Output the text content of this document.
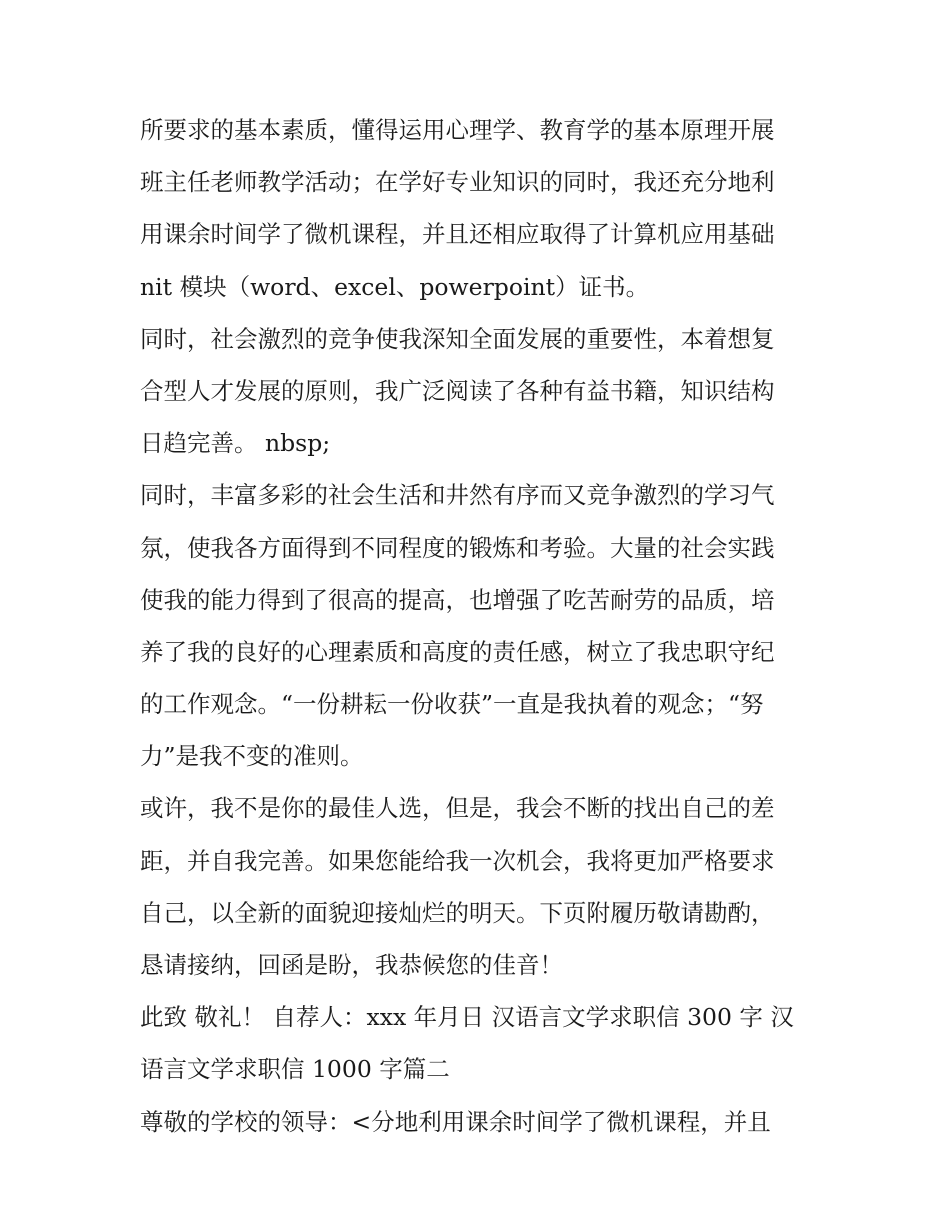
所要求的基本素质，懂得运用心理学、教育学的基本原理开展
班主任老师教学活动；在学好专业知识的同时，我还充分地利
用课余时间学了微机课程，并且还相应取得了计算机应用基础
nit 模块（word、excel、powerpoint）证书。
同时，社会激烈的竞争使我深知全面发展的重要性，本着想复
合型人才发展的原则，我广泛阅读了各种有益书籍，知识结构
日趋完善。 nbsp;
同时，丰富多彩的社会生活和井然有序而又竞争激烈的学习气
氛，使我各方面得到不同程度的锻炼和考验。大量的社会实践
使我的能力得到了很高的提高，也增强了吃苦耐劳的品质，培
养了我的良好的心理素质和高度的责任感，树立了我忠职守纪
的工作观念。“一份耕耘一份收获”一直是我执着的观念；“努
力”是我不变的准则。
或许，我不是你的最佳人选，但是，我会不断的找出自己的差
距，并自我完善。如果您能给我一次机会，我将更加严格要求
自己，以全新的面貌迎接灿烂的明天。下页附履历敬请勘酌，
恳请接纳，回函是盼，我恭候您的佳音！
此致 敬礼！ 自荐人：xxx 年月日 汉语言文学求职信 300 字 汉
语言文学求职信 1000 字篇二
尊敬的学校的领导：<分地利用课余时间学了微机课程，并且
